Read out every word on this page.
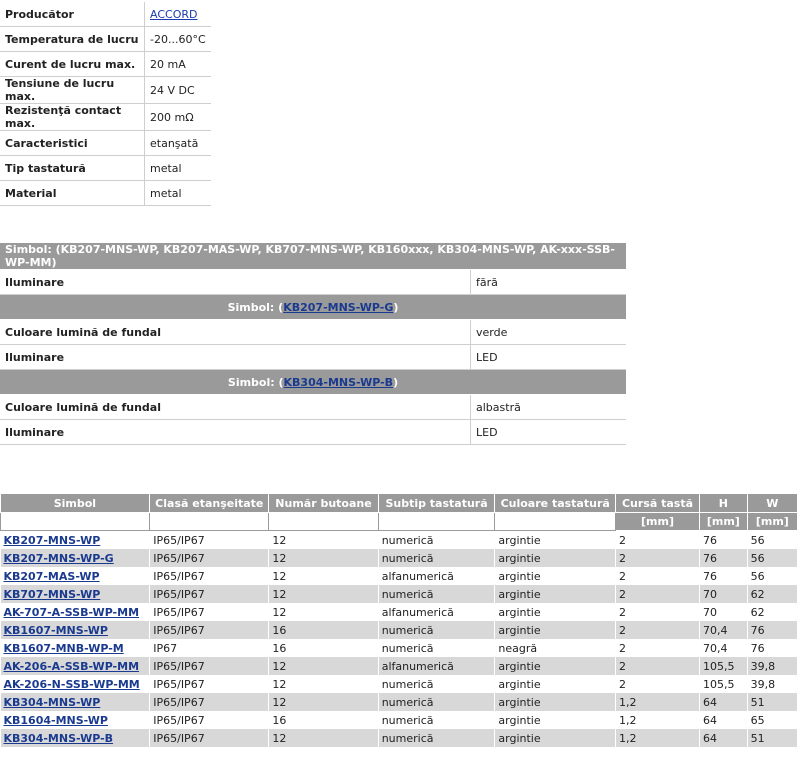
Producător	ACCORD
Temperatura de lucru	-20...60°C
Curent de lucru max.	20 mA
Tensiune de lucru max.	24 V DC
Rezistenţă contact max.	200 mΩ
Caracteristici	etanşată
Tip tastatură	metal
Material	metal
Simbol: (KB207-MNS-WP, KB207-MAS-WP, KB707-MNS-WP, KB160xxx, KB304-MNS-WP, AK-xxx-SSB-WP-MM)	
Iluminare	fără
Simbol: (KB207-MNS-WP-G)	
Culoare lumină de fundal	verde
Iluminare	LED
Simbol: (KB304-MNS-WP-B)	
Culoare lumină de fundal	albastră
Iluminare	LED
Simbol	Clasă etanşeitate	Număr butoane	Subtip tastatură	Culoare tastatură	Cursă tastă	H	W
					[mm]	[mm]	[mm]
KB207-MNS-WP	IP65/IP67	12	numerică	argintie	2	76	56
KB207-MNS-WP-G	IP65/IP67	12	numerică	argintie	2	76	56
KB207-MAS-WP	IP65/IP67	12	alfanumerică	argintie	2	76	56
KB707-MNS-WP	IP65/IP67	12	numerică	argintie	2	70	62
AK-707-A-SSB-WP-MM	IP65/IP67	12	alfanumerică	argintie	2	70	62
KB1607-MNS-WP	IP65/IP67	16	numerică	argintie	2	70,4	76
KB1607-MNB-WP-M	IP67	16	numerică	neagră	2	70,4	76
AK-206-A-SSB-WP-MM	IP65/IP67	12	alfanumerică	argintie	2	105,5	39,8
AK-206-N-SSB-WP-MM	IP65/IP67	12	numerică	argintie	2	105,5	39,8
KB304-MNS-WP	IP65/IP67	12	numerică	argintie	1,2	64	51
KB1604-MNS-WP	IP65/IP67	16	numerică	argintie	1,2	64	65
KB304-MNS-WP-B	IP65/IP67	12	numerică	argintie	1,2	64	51
